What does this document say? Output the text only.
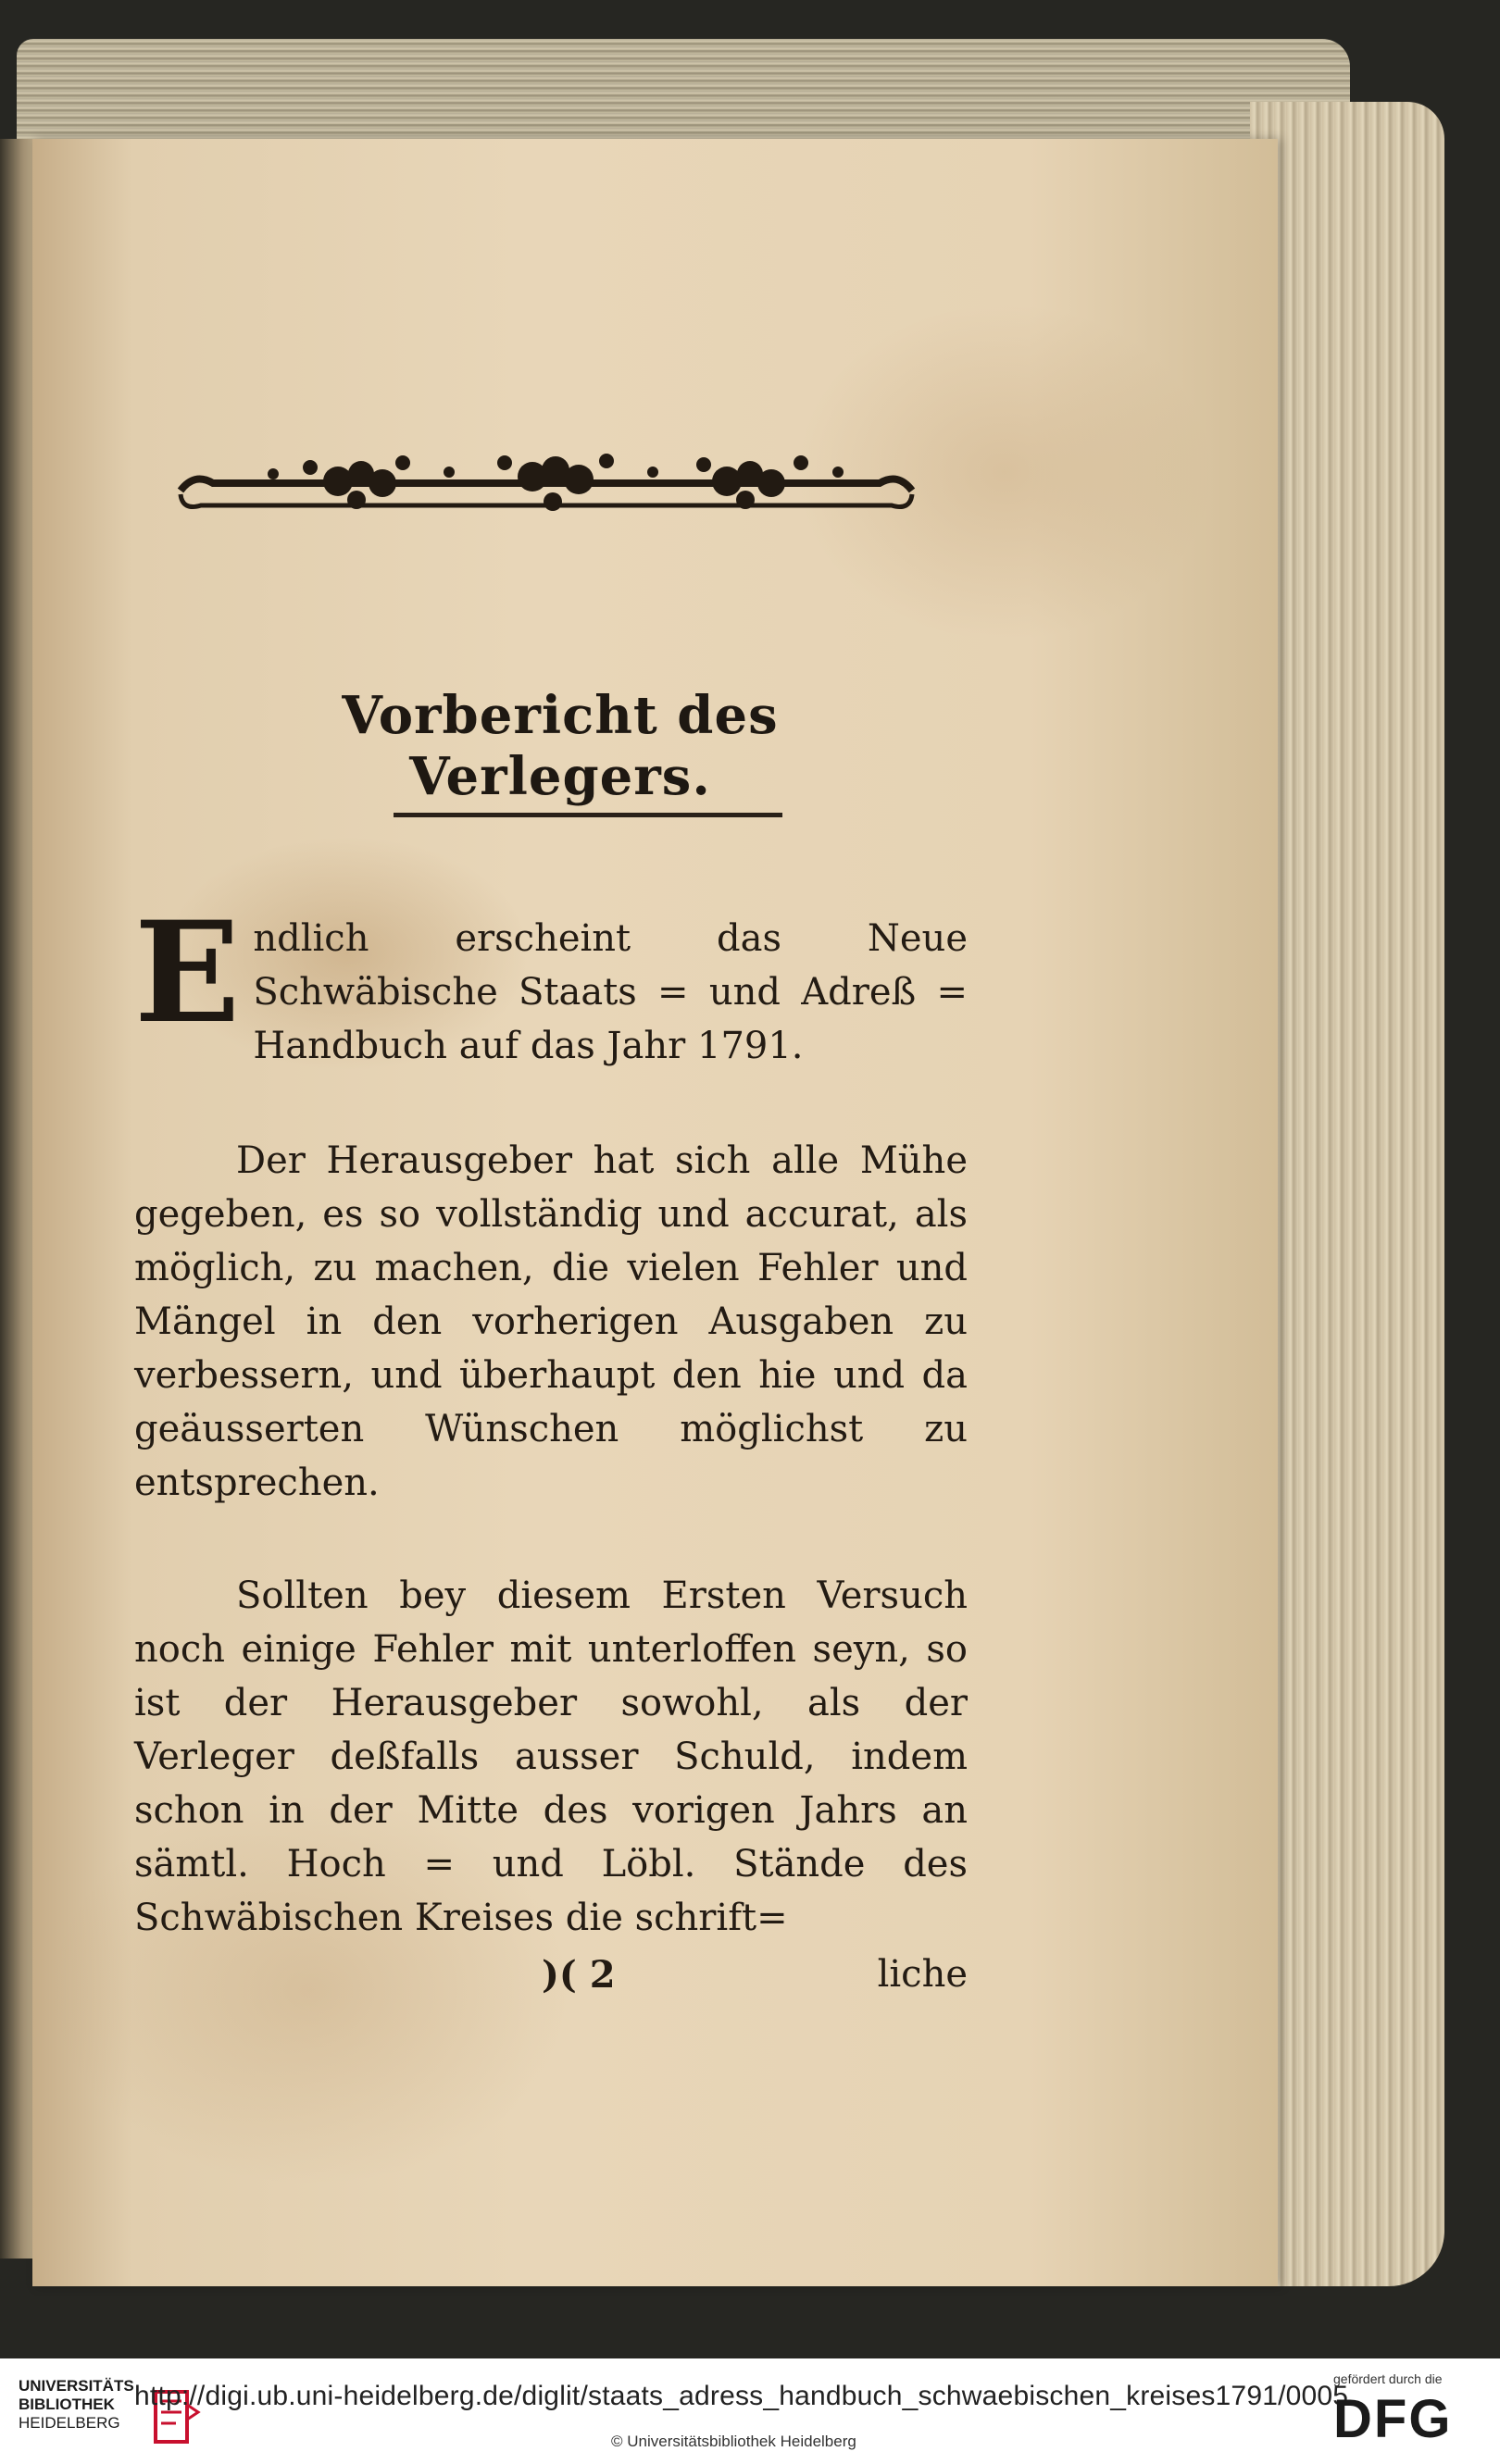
Vorbericht des Verlegers.

Endlich erscheint das Neue Schwäbische Staats = und Adreß = Handbuch auf das Jahr 1791.

Der Herausgeber hat sich alle Mühe gegeben, es so vollständig und accurat, als möglich, zu machen, die vielen Fehler und Mängel in den vorherigen Ausgaben zu verbessern, und überhaupt den hie und da geäusserten Wünschen möglichst zu entsprechen.

Sollten bey diesem Ersten Versuch noch einige Fehler mit unterloffen seyn, so ist der Herausgeber sowohl, als der Verleger deßfalls ausser Schuld, indem schon in der Mitte des vorigen Jahrs an sämtl. Hoch = und Löbl. Stände des Schwäbischen Kreises die schrift=

)( 2	liche
UNIVERSITÄTS
BIBLIOTHEK
HEIDELBERG
http://digi.ub.uni-heidelberg.de/diglit/staats_adress_handbuch_schwaebischen_kreises1791/0005
© Universitätsbibliothek Heidelberg
gefördert durch die
DFG
